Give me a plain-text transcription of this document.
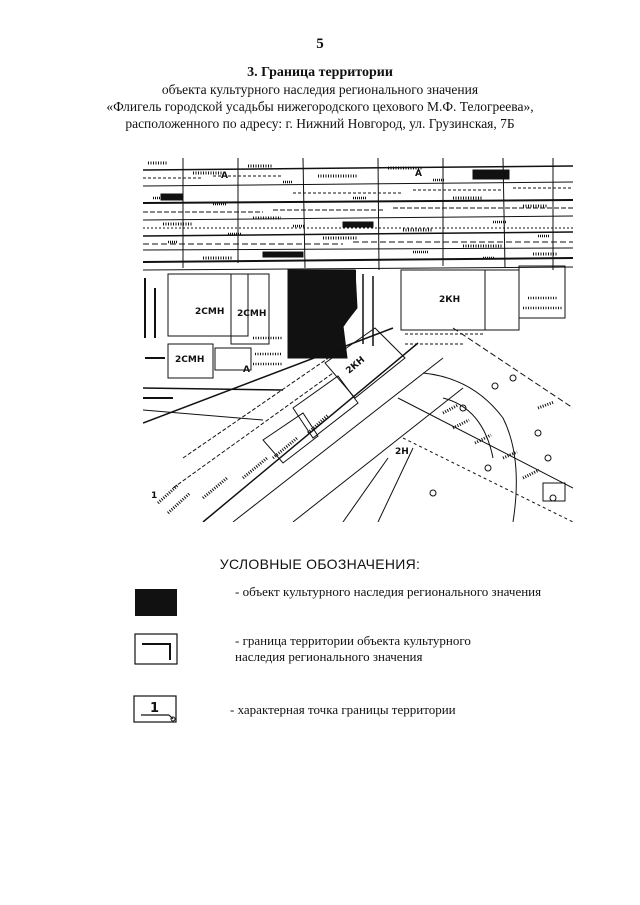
5
3. Граница территории
объекта культурного наследия регионального значения
«Флигель городской усадьбы нижегородского цехового М.Ф. Телогреева»,
расположенного по адресу: г. Нижний Новгород, ул. Грузинская, 7Б
2СМН 2СМН
2СМН
2КН
2КН
2Н
А	А
А
1
УСЛОВНЫЕ ОБОЗНАЧЕНИЯ:
- объект культурного наследия регионального значения
- граница территории объекта культурного
наследия регионального значения
1	- характерная точка границы территории
